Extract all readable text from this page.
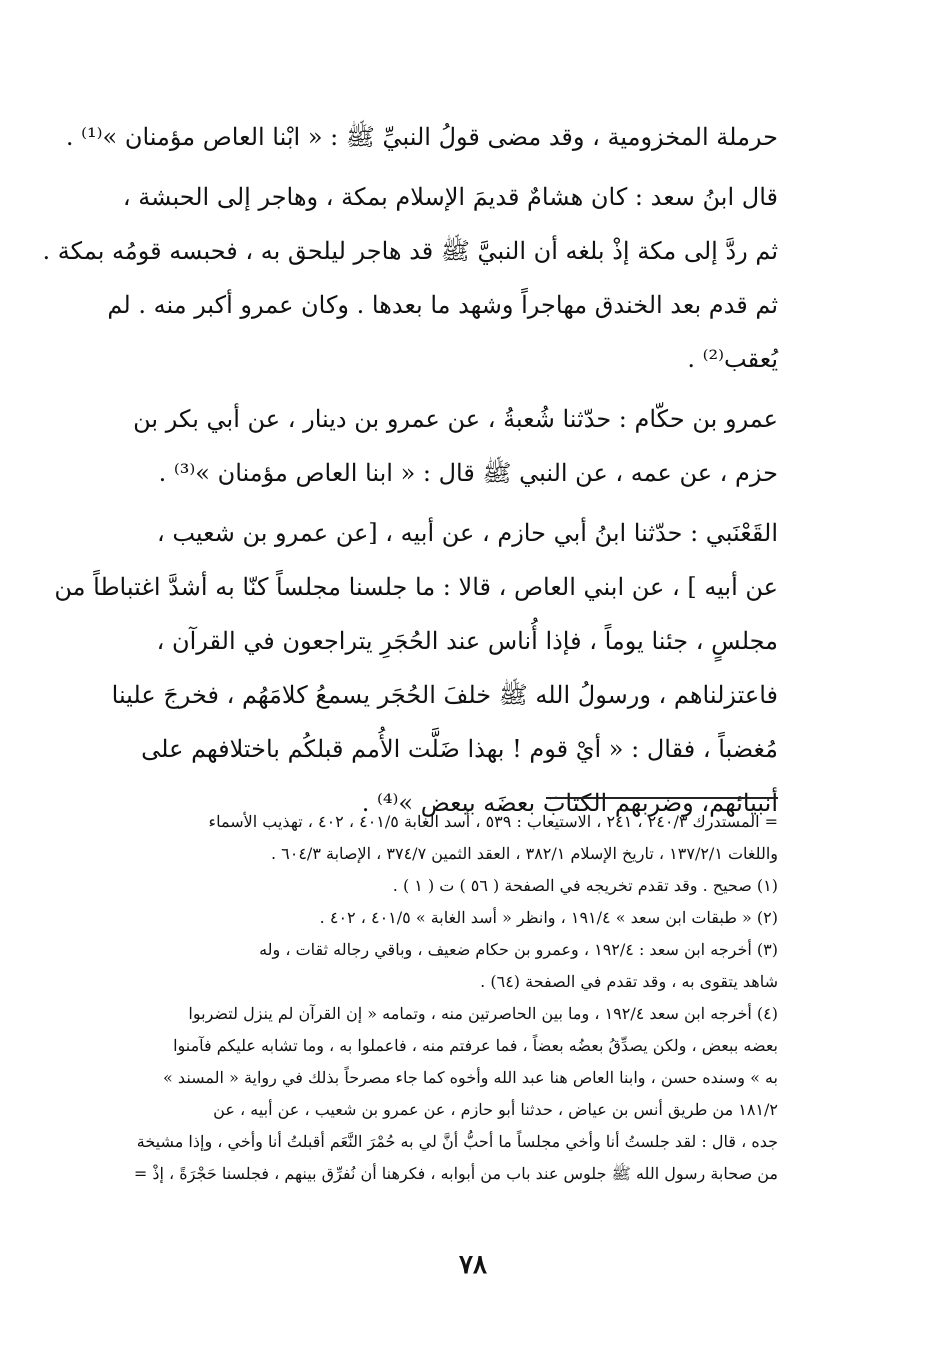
حرملة المخزومية ، وقد مضى قولُ النبيِّ ﷺ : « ابْنا العاص مؤمنان »⁽¹⁾ .

قال ابنُ سعد : كان هشامٌ قديمَ الإسلام بمكة ، وهاجر إلى الحبشة ،
ثم ردَّ إلى مكة إذْ بلغه أن النبيَّ ﷺ قد هاجر ليلحق به ، فحبسه قومُه بمكة .
ثم قدم بعد الخندق مهاجراً وشهد ما بعدها . وكان عمرو أكبر منه . لم
يُعقب⁽²⁾ .

عمرو بن حكّام : حدّثنا شُعبةُ ، عن عمرو بن دينار ، عن أبي بكر بن
حزم ، عن عمه ، عن النبي ﷺ قال : « ابنا العاص مؤمنان »⁽³⁾ .

القَعْنَبي : حدّثنا ابنُ أبي حازم ، عن أبيه ، [عن عمرو بن شعيب ،
عن أبيه ] ، عن ابني العاص ، قالا : ما جلسنا مجلساً كنّا به أشدَّ اغتباطاً من
مجلسٍ ، جئنا يوماً ، فإذا أُناس عند الحُجَرِ يتراجعون في القرآن ،
فاعتزلناهم ، ورسولُ الله ﷺ خلفَ الحُجَر يسمعُ كلامَهُم ، فخرجَ علينا
مُغضباً ، فقال : « أيْ قوم ! بهذا ضَلَّت الأُمم قبلكُم باختلافهم على
أنبيائهم، وضربهم الكتابَ بعضَه ببعض »⁽⁴⁾ .

= المستدرك ٢٤٠/٣ ، ٢٤١ ، الاستيعاب : ٥٣٩ ، أسد الغابة ٤٠١/٥ ، ٤٠٢ ، تهذيب الأسماء
واللغات ١٣٧/٢/١ ، تاريخ الإسلام ٣٨٢/١ ، العقد الثمين ٣٧٤/٧ ، الإصابة ٦٠٤/٣ .
(١) صحيح . وقد تقدم تخريجه في الصفحة ( ٥٦ ) ت ( ١ ) .
(٢) « طبقات ابن سعد » ١٩١/٤ ، وانظر « أسد الغابة » ٤٠١/٥ ، ٤٠٢ .
(٣) أخرجه ابن سعد : ١٩٢/٤ ، وعمرو بن حكام ضعيف ، وباقي رجاله ثقات ، وله
شاهد يتقوى به ، وقد تقدم في الصفحة (٦٤) .
(٤) أخرجه ابن سعد ١٩٢/٤ ، وما بين الحاصرتين منه ، وتمامه « إن القرآن لم ينزل لتضربوا
بعضه ببعض ، ولكن يصدِّقُ بعضُه بعضاً ، فما عرفتم منه ، فاعملوا به ، وما تشابه عليكم فآمنوا
به » وسنده حسن ، وابنا العاص هنا عبد الله وأخوه كما جاء مصرحاً بذلك في رواية « المسند »
١٨١/٢ من طريق أنس بن عياض ، حدثنا أبو حازم ، عن عمرو بن شعيب ، عن أبيه ، عن
جده ، قال : لقد جلستُ أنا وأخي مجلساً ما أحبُّ أنَّ لي به حُمْرَ النَّعَم أقبلتُ أنا وأخي ، وإذا مشيخة
من صحابة رسول الله ﷺ جلوس عند باب من أبوابه ، فكرهنا أن نُفرِّق بينهم ، فجلسنا حَجْرَةً ، إذْ =
٧٨
